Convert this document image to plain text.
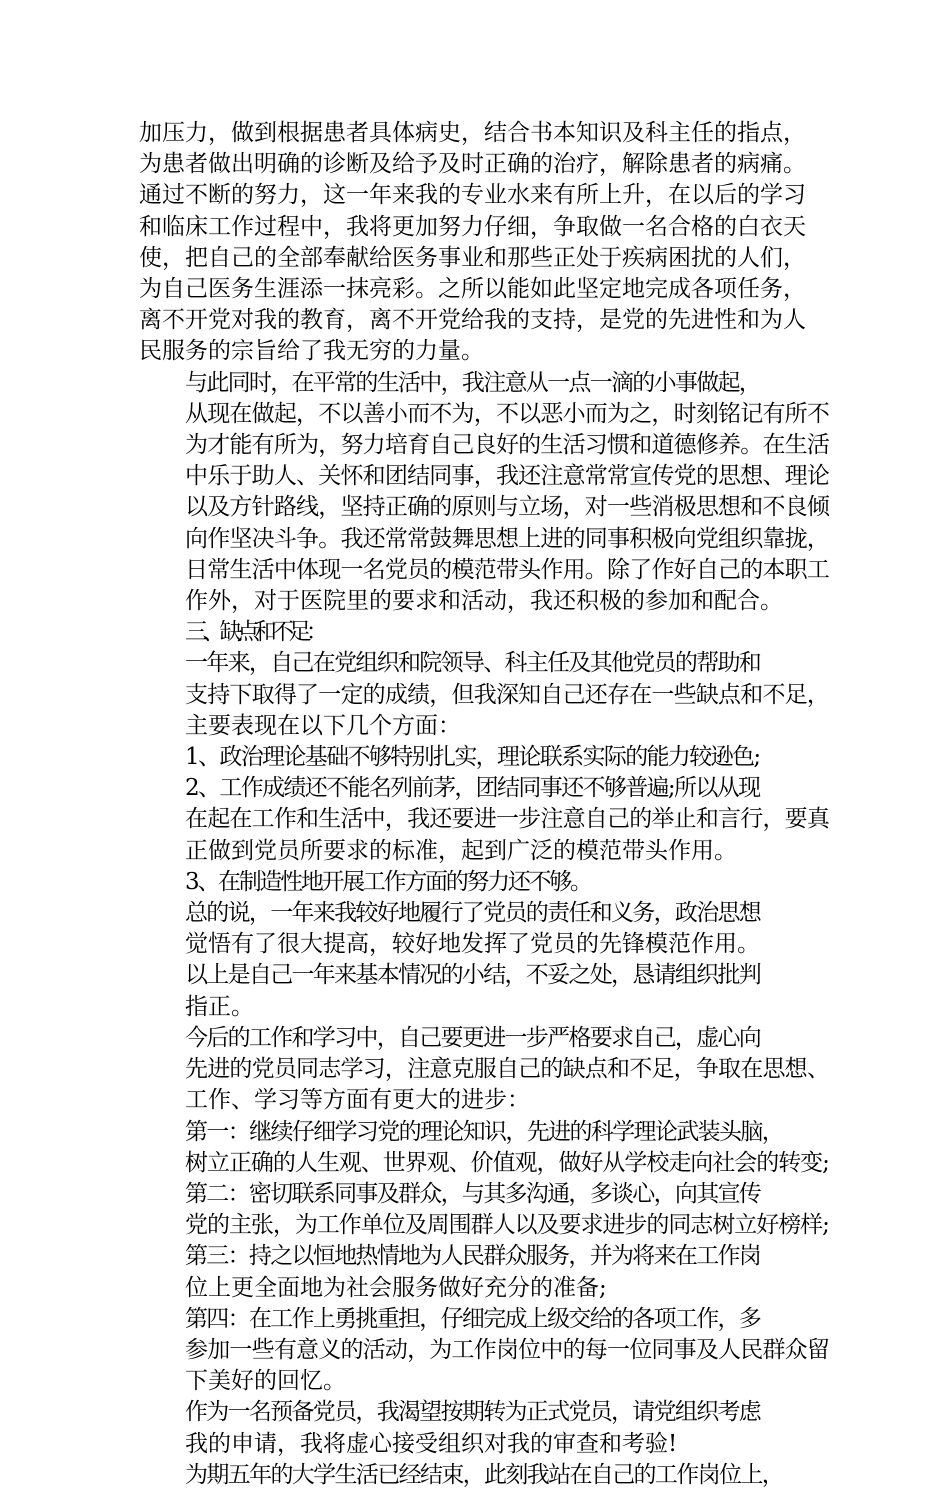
加压力，做到根据患者具体病史，结合书本知识及科主任的指点，
为患者做出明确的诊断及给予及时正确的治疗，解除患者的病痛。
通过不断的努力，这一年来我的专业水来有所上升，在以后的学习
和临床工作过程中，我将更加努力仔细，争取做一名合格的白衣天
使，把自己的全部奉献给医务事业和那些正处于疾病困扰的人们，
为自己医务生涯添一抹亮彩。之所以能如此坚定地完成各项任务，
离不开党对我的教育，离不开党给我的支持，是党的先进性和为人
民服务的宗旨给了我无穷的力量。

与此同时，在平常的生活中，我注意从一点一滴的小事做起，
从现在做起，不以善小而不为，不以恶小而为之，时刻铭记有所不
为才能有所为，努力培育自己良好的生活习惯和道德修养。在生活
中乐于助人、关怀和团结同事，我还注意常常宣传党的思想、理论
以及方针路线，坚持正确的原则与立场，对一些消极思想和不良倾
向作坚决斗争。我还常常鼓舞思想上进的同事积极向党组织靠拢，
日常生活中体现一名党员的模范带头作用。除了作好自己的本职工
作外，对于医院里的要求和活动，我还积极的参加和配合。

三、缺点和不足：

一年来，自己在党组织和院领导、科主任及其他党员的帮助和
支持下取得了一定的成绩，但我深知自己还存在一些缺点和不足，
主要表现在以下几个方面：

1、政治理论基础不够特别扎实，理论联系实际的能力较逊色;

2、工作成绩还不能名列前茅，团结同事还不够普遍;所以从现
在起在工作和生活中，我还要进一步注意自己的举止和言行，要真
正做到党员所要求的标准，起到广泛的模范带头作用。

3、在制造性地开展工作方面的努力还不够。

总的说，一年来我较好地履行了党员的责任和义务，政治思想
觉悟有了很大提高，较好地发挥了党员的先锋模范作用。

以上是自己一年来基本情况的小结，不妥之处，恳请组织批判
指正。

今后的工作和学习中，自己要更进一步严格要求自己，虚心向
先进的党员同志学习，注意克服自己的缺点和不足，争取在思想、
工作、学习等方面有更大的进步：

第一：继续仔细学习党的理论知识，先进的科学理论武装头脑，
树立正确的人生观、世界观、价值观，做好从学校走向社会的转变;

第二：密切联系同事及群众，与其多沟通，多谈心，向其宣传
党的主张，为工作单位及周围群人以及要求进步的同志树立好榜样;

第三：持之以恒地热情地为人民群众服务，并为将来在工作岗
位上更全面地为社会服务做好充分的准备;

第四：在工作上勇挑重担，仔细完成上级交给的各项工作，多
参加一些有意义的活动，为工作岗位中的每一位同事及人民群众留
下美好的回忆。

作为一名预备党员，我渴望按期转为正式党员，请党组织考虑
我的申请，我将虚心接受组织对我的审查和考验!

为期五年的大学生活已经结束，此刻我站在自己的工作岗位上，
